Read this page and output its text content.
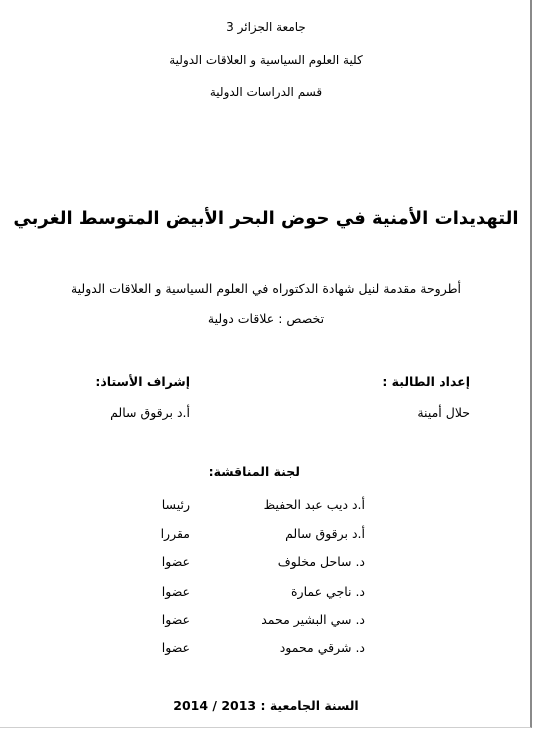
جامعة الجزائر 3
كلية العلوم السياسية و العلاقات الدولية
قسم الدراسات الدولية
التهديدات الأمنية في حوض البحر الأبيض المتوسط الغربي
أطروحة مقدمة لنيل شهادة الدكتوراه في العلوم السياسية و العلاقات الدولية
تخصص : علاقات دولية
إعداد الطالبة :
حلال أمينة
إشراف الأستاذ:
أ.د برقوق سالم
لجنة المناقشة:
أ.د ديب عبد الحفيظ
رئيسا
أ.د برقوق سالم
مقررا
د. ساحل مخلوف
عضوا
د. ناجي عمارة
عضوا
د. سي البشير محمد
عضوا
د. شرقي محمود
عضوا
السنة الجامعية : 2013 / 2014
